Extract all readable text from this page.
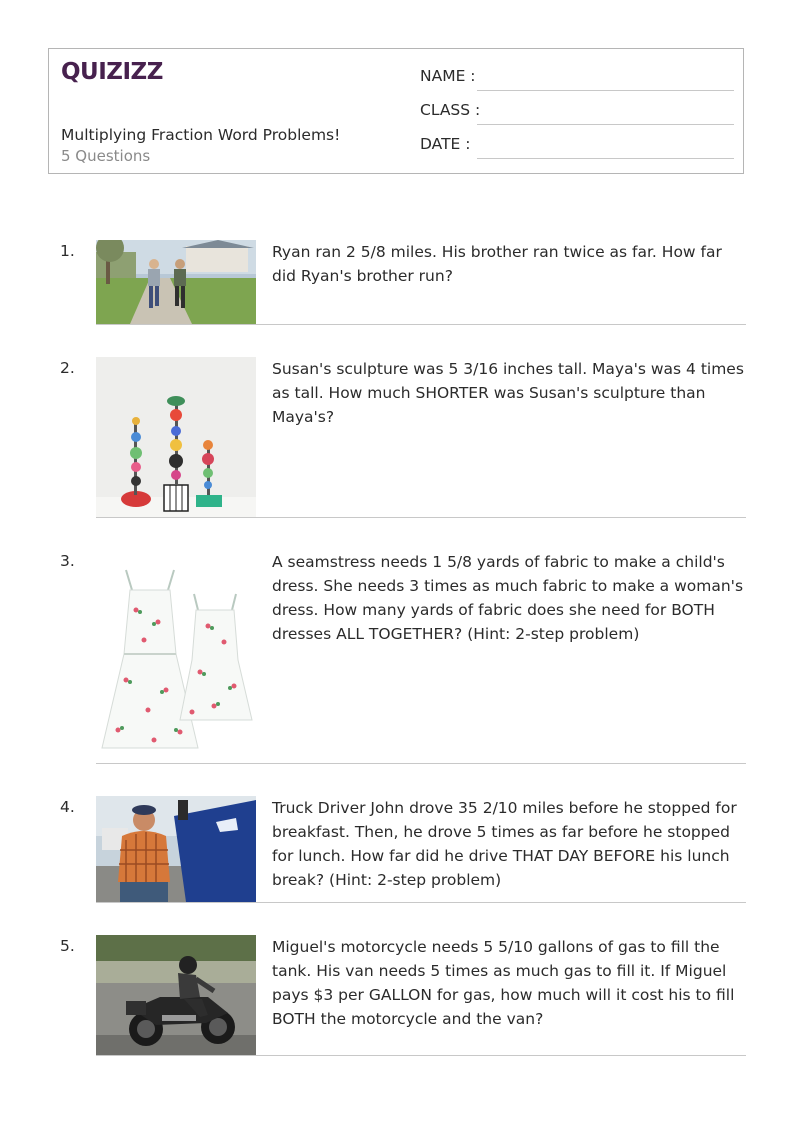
QUIZIZZ
Multiplying Fraction Word Problems!
5 Questions
NAME :
CLASS :
DATE :
1.	Ryan ran 2 5/8 miles. His brother ran twice as far. How far did Ryan's brother run?
2.	Susan's sculpture was 5 3/16 inches tall. Maya's was 4 times as tall. How much SHORTER was Susan's sculpture than Maya's?
3.	A seamstress needs 1 5/8 yards of fabric to make a child's dress. She needs 3 times as much fabric to make a woman's dress. How many yards of fabric does she need for BOTH dresses ALL TOGETHER? (Hint: 2-step problem)
4.	Truck Driver John drove 35 2/10 miles before he stopped for breakfast. Then, he drove 5 times as far before he stopped for lunch. How far did he drive THAT DAY BEFORE his lunch break? (Hint: 2-step problem)
5.	Miguel's motorcycle needs 5 5/10 gallons of gas to fill the tank. His van needs 5 times as much gas to fill it. If Miguel pays $3 per GALLON for gas, how much will it cost his to fill BOTH the motorcycle and the van?
